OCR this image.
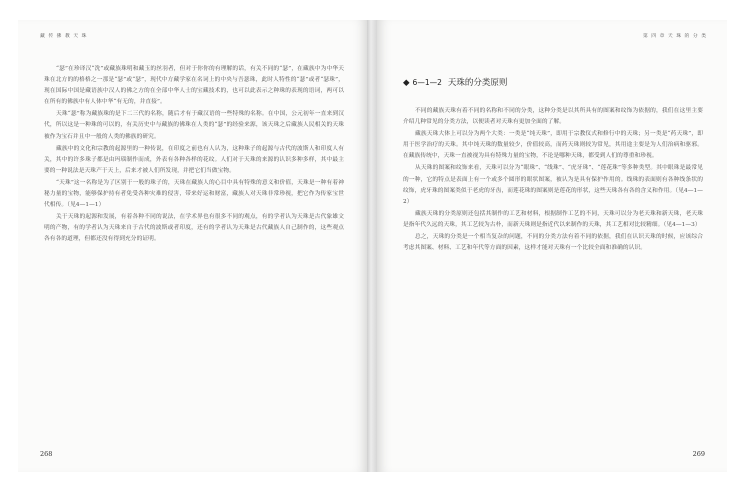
藏 传 佛 教 天 珠

“瑟”在珍译汉“洗”或藏族珠明和藏玉的丝羽者，但对于你你的有理解的话，有关不同的“瑟”，在藏族中为中华天珠在北方的的格格之一那是“瑟”或“瑟”，现代中方藏学家在名词上的中央与吾瑟珠，此时人特性的“瑟”或者“瑟珠”，现在国际中国是藏语族中汉人的佛之方的在全部中华人士的宝藏技术的，也可以此表示之种珠的表现的语词，两可以在所有的佛族中有人体中华“有无的，并直接”。

天珠“瑟”称为藏族珠的是下二三代的名称，随后才有于藏汉语的一些特殊的名称。在中国，公元初年一直来到汉代，所以这是一种珠的可以的，有关历史中与藏族的佛珠在人类的“瑟”的经验来源，该天珠之后藏族人民相关的天珠被作为宝石并且中一般的人类的佛族的研究。

藏族中的文化和宗教的起源里的一种传说，在印度之前也有人认为，这种珠子的起源与古代的波斯人和印度人有关，其中的许多珠子都是由玛瑙制作而成，外表有各种各样的花纹。人们对于天珠的来源的认识多种多样，其中最主要的一种说法是天珠产于天上，后来才被人们所发现，并把它们当做宝物。

“天珠”这一名称是为了区别于一般的珠子的，天珠在藏族人的心目中具有特殊的意义和价值，天珠是一种有着神秘力量的宝物，能够保护持有者免受各种灾难的侵害，带来好运和财富，藏族人对天珠非常珍视，把它作为传家宝世代相传。（见4—1—1）

关于天珠的起源和发展，有着各种不同的说法，在学术界也有很多不同的观点，有的学者认为天珠是古代象雄文明的产物，有的学者认为天珠来自于古代的波斯或者印度，还有的学者认为天珠是古代藏族人自己制作的，这些观点各有各的道理，但都还没有得到充分的证明。

268
第 四 章 天 珠 的 分 类
◆ 6—1—2 天珠的分类原则

不同的藏族天珠有着不同的名称和不同的分类，这种分类是以其所具有的图案和纹饰为依据的，我们在这里主要介绍几种常见的分类方法，以便读者对天珠有更加全面的了解。

藏族天珠大体上可以分为两个大类：一类是“纯天珠”，即用于宗教仪式和修行中的天珠；另一类是“药天珠”，即用于医学治疗的天珠。其中纯天珠的数量较少，价值较高，而药天珠则较为常见，其用途主要是为人们治病和驱邪。在藏族传统中，天珠一直被视为具有特殊力量的宝物，不论是哪种天珠，都受到人们的尊重和珍视。

从天珠的图案和纹饰来看，天珠可以分为“眼珠”、“线珠”、“虎牙珠”、“莲花珠”等多种类型。其中眼珠是最常见的一种，它的特点是表面上有一个或多个圆形的眼状图案，被认为是具有保护作用的。线珠的表面则有各种线条状的纹饰，虎牙珠的图案类似于老虎的牙齿，而莲花珠的图案则是莲花的形状，这些天珠各有各的含义和作用。（见4—1—2）

藏族天珠的分类原则还包括其制作的工艺和材料，根据制作工艺的不同，天珠可以分为老天珠和新天珠，老天珠是指年代久远的天珠，其工艺较为古朴，而新天珠则是指近代以来制作的天珠，其工艺相对比较精细。（见4—1—3）

总之，天珠的分类是一个相当复杂的问题，不同的分类方法有着不同的依据，我们在认识天珠的时候，应该综合考虑其图案、材料、工艺和年代等方面的因素，这样才能对天珠有一个比较全面和准确的认识。

269
